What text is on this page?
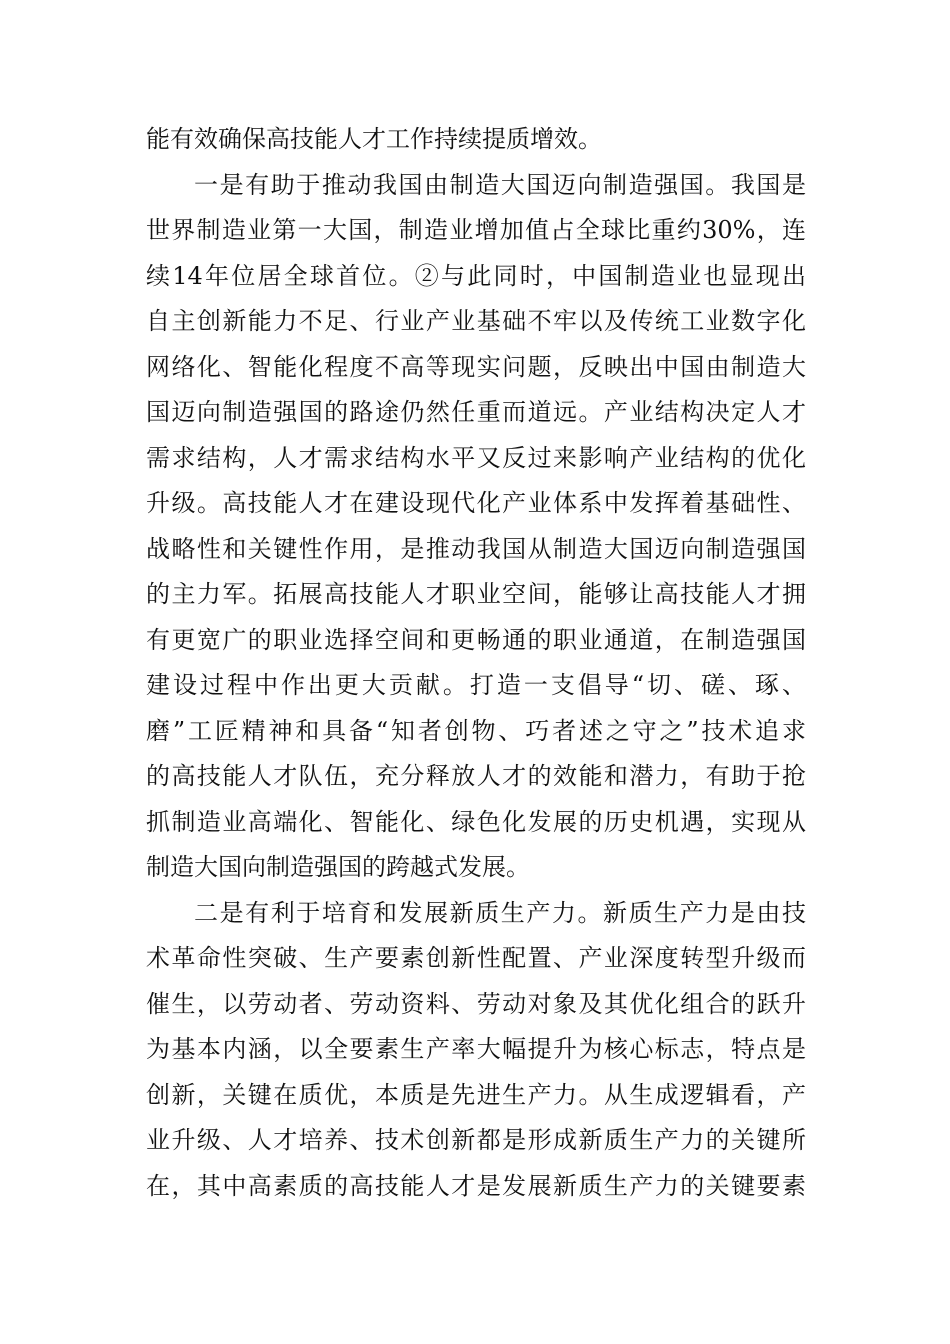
能有效确保高技能人才工作持续提质增效。
一是有助于推动我国由制造大国迈向制造强国。我国是
世界制造业第一大国，制造业增加值占全球比重约30%，连
续14年位居全球首位。②与此同时，中国制造业也显现出
自主创新能力不足、行业产业基础不牢以及传统工业数字化
网络化、智能化程度不高等现实问题，反映出中国由制造大
国迈向制造强国的路途仍然任重而道远。产业结构决定人才
需求结构，人才需求结构水平又反过来影响产业结构的优化
升级。高技能人才在建设现代化产业体系中发挥着基础性、
战略性和关键性作用，是推动我国从制造大国迈向制造强国
的主力军。拓展高技能人才职业空间，能够让高技能人才拥
有更宽广的职业选择空间和更畅通的职业通道，在制造强国
建设过程中作出更大贡献。打造一支倡导“切、磋、琢、
磨”工匠精神和具备“知者创物、巧者述之守之”技术追求
的高技能人才队伍，充分释放人才的效能和潜力，有助于抢
抓制造业高端化、智能化、绿色化发展的历史机遇，实现从
制造大国向制造强国的跨越式发展。
二是有利于培育和发展新质生产力。新质生产力是由技
术革命性突破、生产要素创新性配置、产业深度转型升级而
催生，以劳动者、劳动资料、劳动对象及其优化组合的跃升
为基本内涵，以全要素生产率大幅提升为核心标志，特点是
创新，关键在质优，本质是先进生产力。从生成逻辑看，产
业升级、人才培养、技术创新都是形成新质生产力的关键所
在，其中高素质的高技能人才是发展新质生产力的关键要素
